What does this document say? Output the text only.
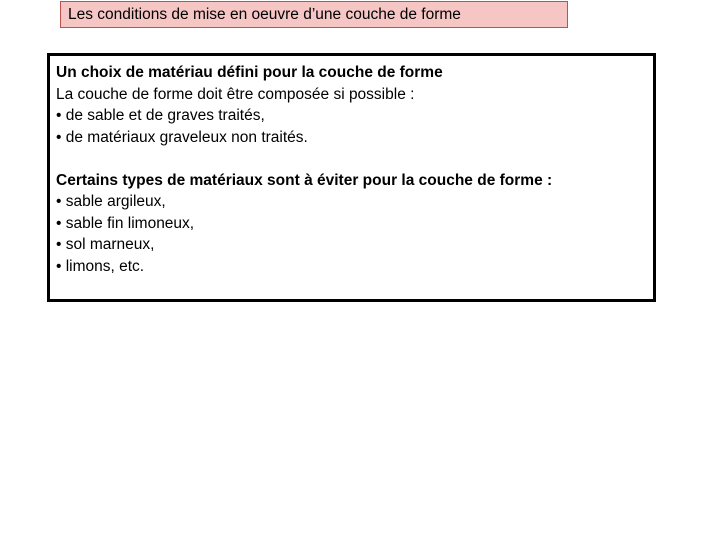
Les conditions de mise en oeuvre d’une couche de forme
Un choix de matériau défini pour la couche de forme
La couche de forme doit être composée si possible :
• de sable et de graves traités,
• de matériaux graveleux non traités.
Certains types de matériaux sont à éviter pour la couche de forme :
• sable argileux,
• sable fin limoneux,
• sol marneux,
• limons, etc.
